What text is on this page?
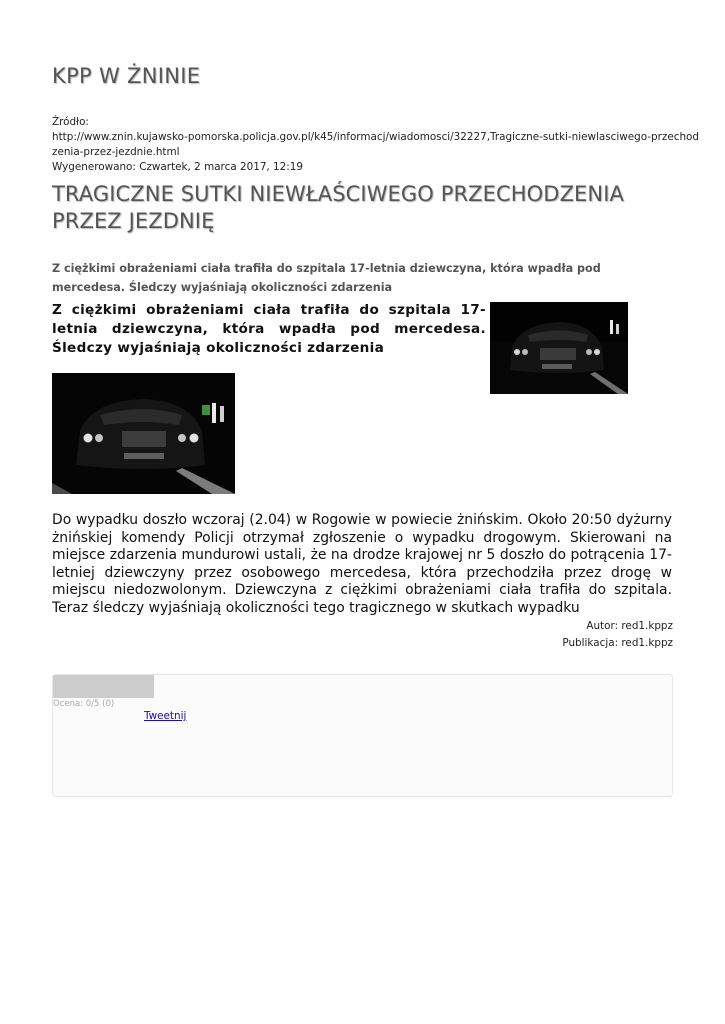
KPP W ŻNINIE
Źródło:
http://www.znin.kujawsko-pomorska.policja.gov.pl/k45/informacj/wiadomosci/32227,Tragiczne-sutki-niewlasciwego-przechod
zenia-przez-jezdnie.html
Wygenerowano: Czwartek, 2 marca 2017, 12:19
TRAGICZNE SUTKI NIEWŁAŚCIWEGO PRZECHODZENIA PRZEZ JEZDNIĘ
Z ciężkimi obrażeniami ciała trafiła do szpitala 17-letnia dziewczyna, która wpadła pod mercedesa. Śledczy wyjaśniają okoliczności zdarzenia
Z ciężkimi obrażeniami ciała trafiła do szpitala 17-letnia dziewczyna, która wpadła pod mercedesa. Śledczy wyjaśniają okoliczności zdarzenia
Do wypadku doszło wczoraj (2.04) w Rogowie w powiecie żnińskim. Około 20:50 dyżurny żnińskiej komendy Policji otrzymał zgłoszenie o wypadku drogowym. Skierowani na miejsce zdarzenia mundurowi ustali, że na drodze krajowej nr 5 doszło do potrącenia 17-letniej dziewczyny przez osobowego mercedesa, która przechodziła przez drogę w miejscu niedozwolonym. Dziewczyna z ciężkimi obrażeniami ciała trafiła do szpitala. Teraz śledczy wyjaśniają okoliczności tego tragicznego w skutkach wypadku
Autor: red1.kppz
Publikacja: red1.kppz
Ocena: 0/5 (0)
Tweetnij
